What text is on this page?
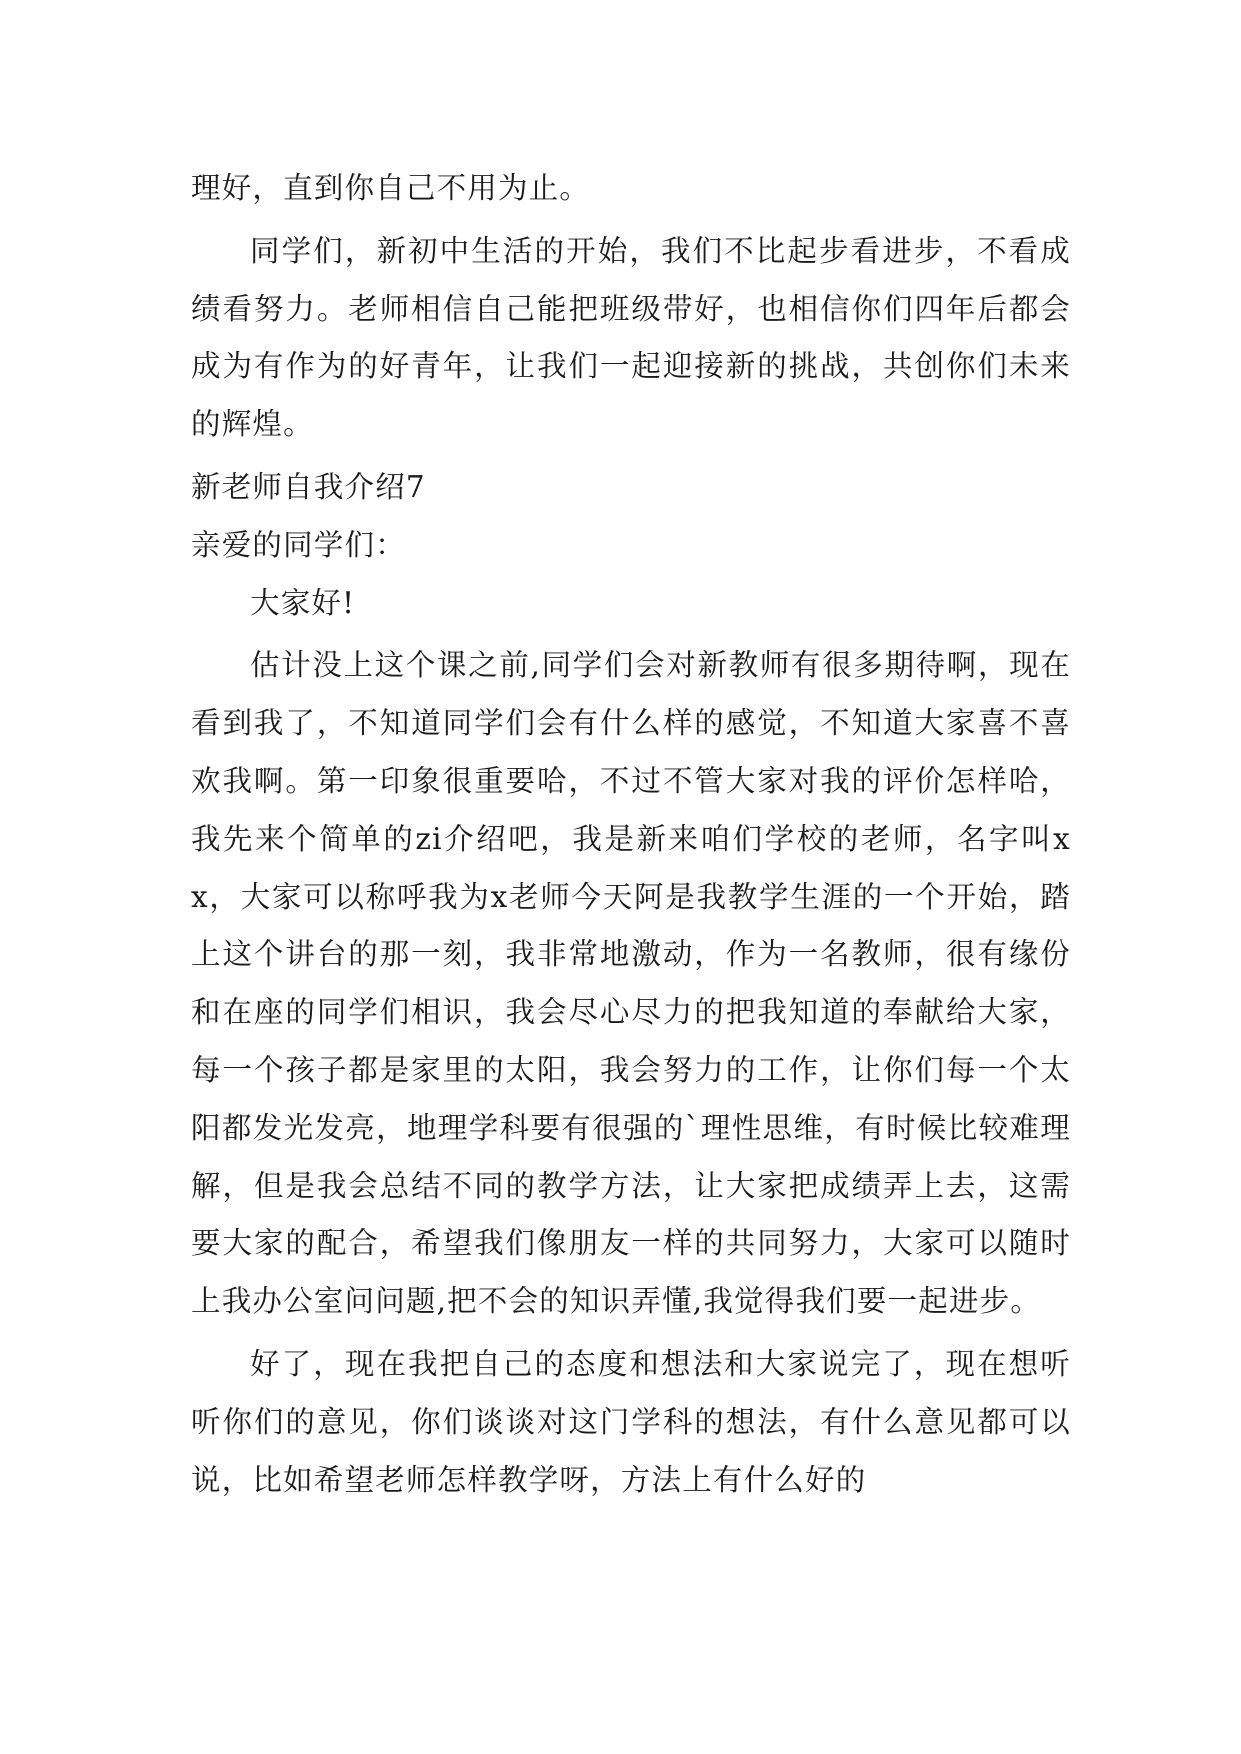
理好，直到你自己不用为止。

同学们，新初中生活的开始，我们不比起步看进步，不看成绩看努力。老师相信自己能把班级带好，也相信你们四年后都会成为有作为的好青年，让我们一起迎接新的挑战，共创你们未来的辉煌。

新老师自我介绍7

亲爱的同学们：

大家好!

估计没上这个课之前,同学们会对新教师有很多期待啊，现在看到我了，不知道同学们会有什么样的感觉，不知道大家喜不喜欢我啊。第一印象很重要哈，不过不管大家对我的评价怎样哈，我先来个简单的zi介绍吧，我是新来咱们学校的老师，名字叫xx，大家可以称呼我为x老师今天阿是我教学生涯的一个开始，踏上这个讲台的那一刻，我非常地激动，作为一名教师，很有缘份和在座的同学们相识，我会尽心尽力的把我知道的奉献给大家，每一个孩子都是家里的太阳，我会努力的工作，让你们每一个太阳都发光发亮，地理学科要有很强的`理性思维，有时候比较难理解，但是我会总结不同的教学方法，让大家把成绩弄上去，这需要大家的配合，希望我们像朋友一样的共同努力，大家可以随时上我办公室问问题,把不会的知识弄懂,我觉得我们要一起进步。

好了，现在我把自己的态度和想法和大家说完了，现在想听听你们的意见，你们谈谈对这门学科的想法，有什么意见都可以说，比如希望老师怎样教学呀，方法上有什么好的
